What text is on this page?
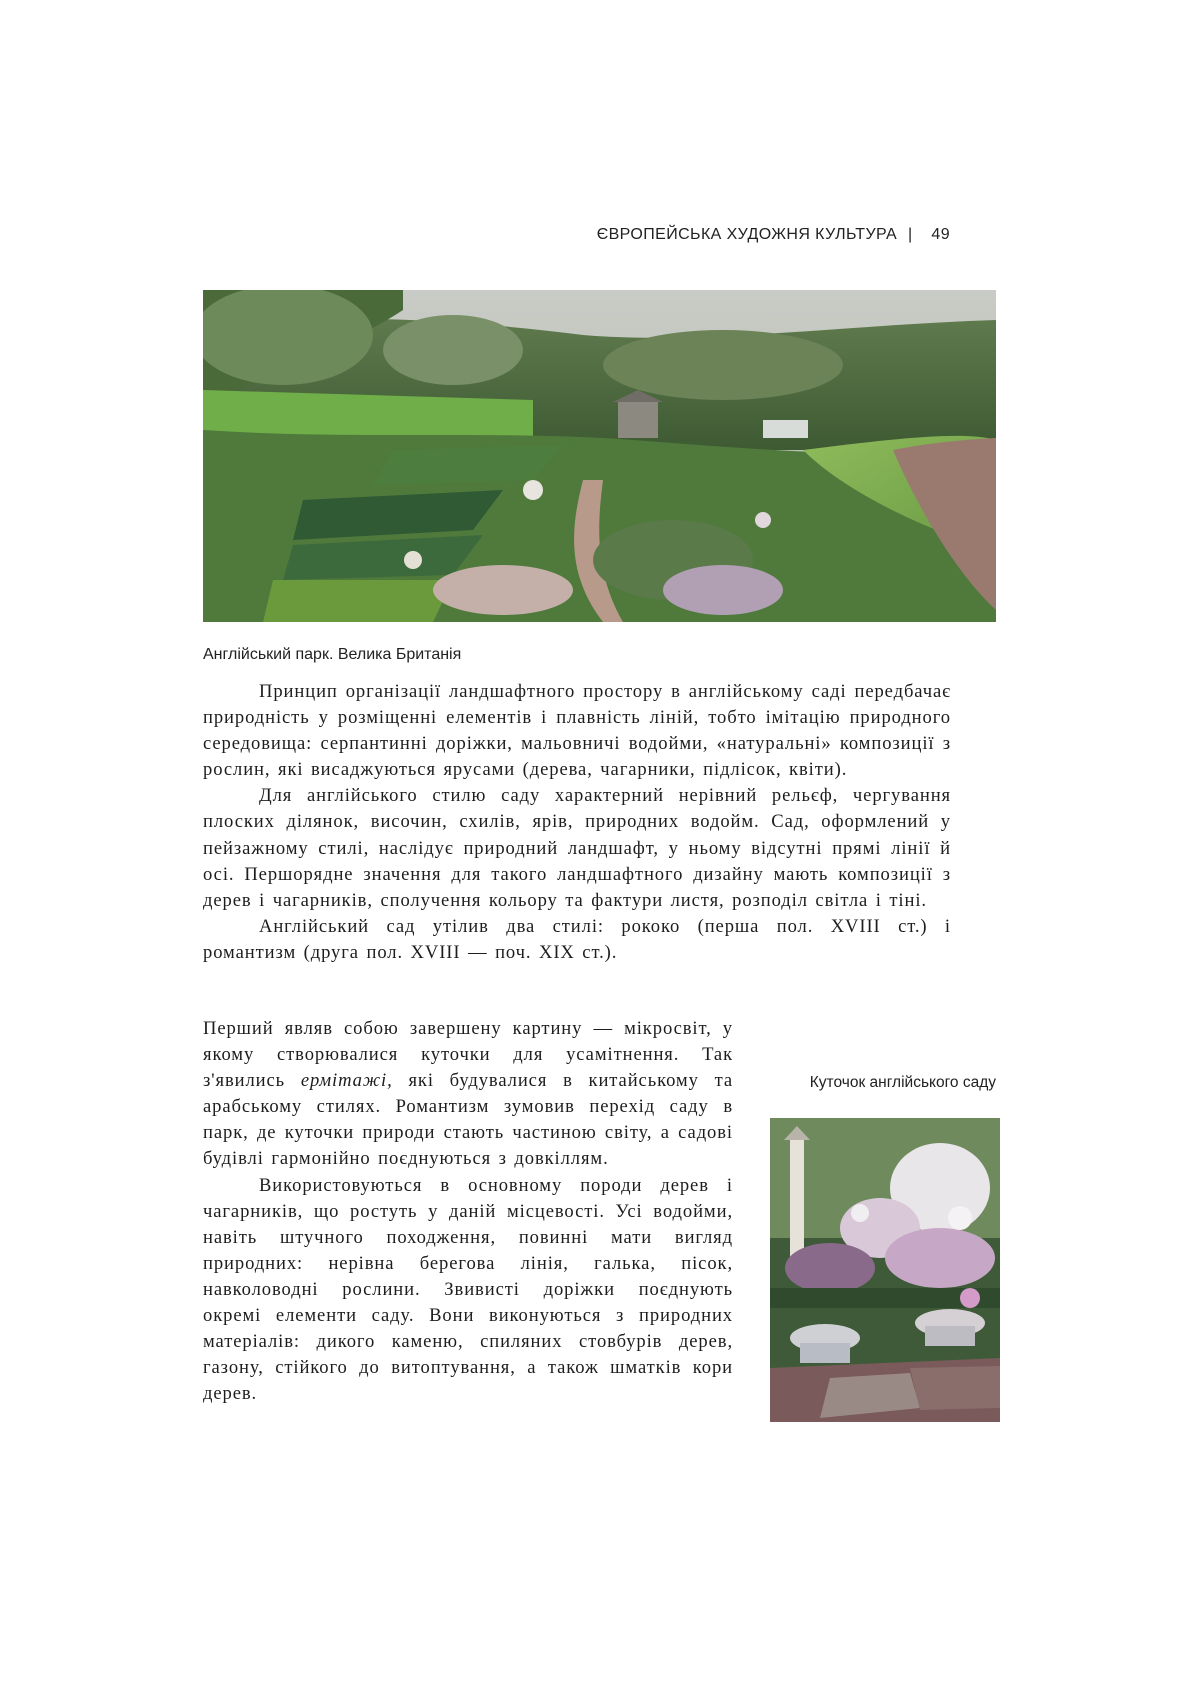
ЄВРОПЕЙСЬКА ХУДОЖНЯ КУЛЬТУРА | 49
Англійський парк. Велика Британія

Принцип організації ландшафтного простору в англійському саді передбачає природність у розміщенні елементів і плавність ліній, тобто імітацію природного середовища: серпантинні доріжки, мальовничі водойми, «натуральні» композиції з рослин, які висаджуються ярусами (дерева, чагарники, підлісок, квіти).

Для англійського стилю саду характерний нерівний рельєф, чергування плоских ділянок, височин, схилів, ярів, природних водойм. Сад, оформлений у пейзажному стилі, наслідує природний ландшафт, у ньому відсутні прямі лінії й осі. Першорядне значення для такого ландшафтного дизайну мають композиції з дерев і чагарників, сполучення кольору та фактури листя, розподіл світла і тіні.

Англійський сад утілив два стилі: рококо (перша пол. XVIII ст.) і романтизм (друга пол. XVIII — поч. XIX ст.).

Перший являв собою завершену картину — мікросвіт, у якому створювалися куточки для усамітнення. Так з'явились ермітажі, які будувалися в китайському та арабському стилях. Романтизм зумовив перехід саду в парк, де куточки природи стають частиною світу, а садові будівлі гармонійно поєднуються з довкіллям.

Використовуються в основному породи дерев і чагарників, що ростуть у даній місцевості. Усі водойми, навіть штучного походження, повинні мати вигляд природних: нерівна берегова лінія, галька, пісок, навколоводні рослини. Звивисті доріжки поєднують окремі елементи саду. Вони виконуються з природних матеріалів: дикого каменю, спиляних стовбурів дерев, газону, стійкого до витоптування, а також шматків кори дерев.

Куточок англійського саду
